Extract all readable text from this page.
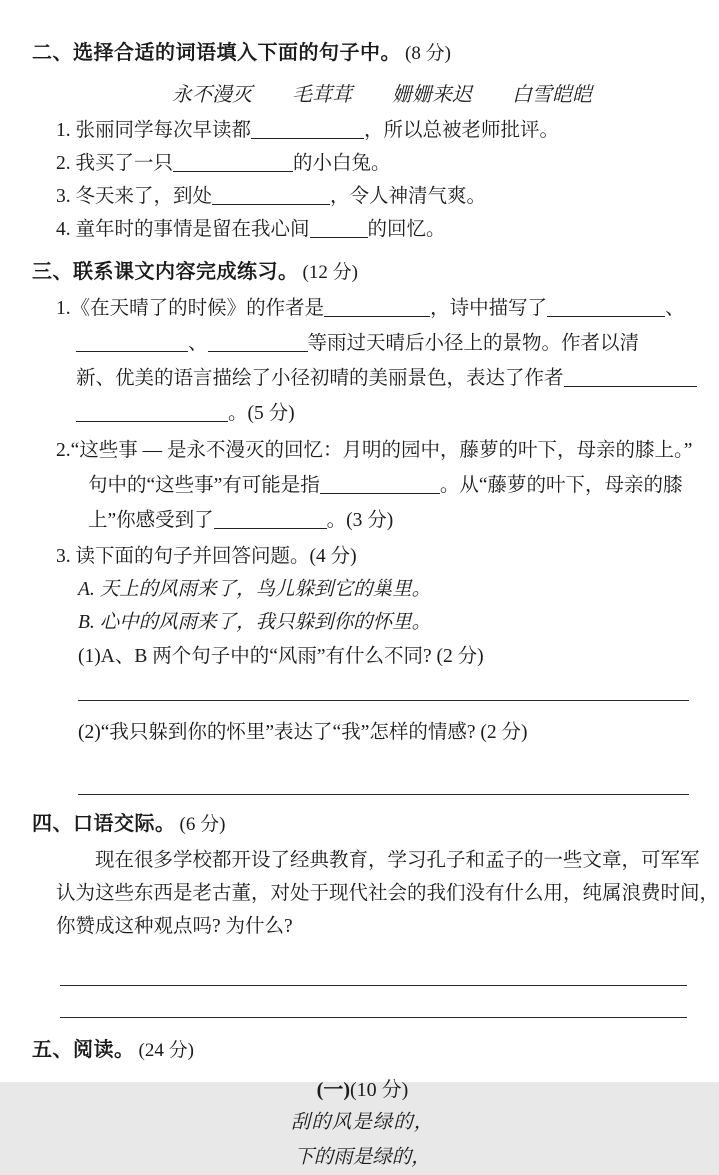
二、选择合适的词语填入下面的句子中。 (8 分)
永不漫灭 毛茸茸 姗姗来迟 白雪皑皑
1. 张丽同学每次早读都	，所以总被老师批评。
2. 我买了一只	的小白兔。
3. 冬天来了，到处	，令人神清气爽。
4. 童年时的事情是留在我心间	的回忆。
三、联系课文内容完成练习。 (12 分)
1.《在天晴了的时候》的作者是	，诗中描写了	、
、	等雨过天晴后小径上的景物。作者以清
新、优美的语言描绘了小径初晴的美丽景色，表达了作者
。(5 分)
2.“这些事 — 是永不漫灭的回忆：月明的园中，藤萝的叶下，母亲的膝上。”
句中的“这些事”有可能是指	。从“藤萝的叶下，母亲的膝
上”你感受到了	。(3 分)
3. 读下面的句子并回答问题。(4 分)
A. 天上的风雨来了，鸟儿躲到它的巢里。
B. 心中的风雨来了，我只躲到你的怀里。
(1)A、B 两个句子中的“风雨”有什么不同? (2 分)
(2)“我只躲到你的怀里”表达了“我”怎样的情感? (2 分)
四、口语交际。 (6 分)
现在很多学校都开设了经典教育，学习孔子和孟子的一些文章，可军军
认为这些东西是老古董，对处于现代社会的我们没有什么用，纯属浪费时间，
你赞成这种观点吗? 为什么?
五、阅读。 (24 分)
(一)(10 分)
刮的风是绿的，
下的雨是绿的，
